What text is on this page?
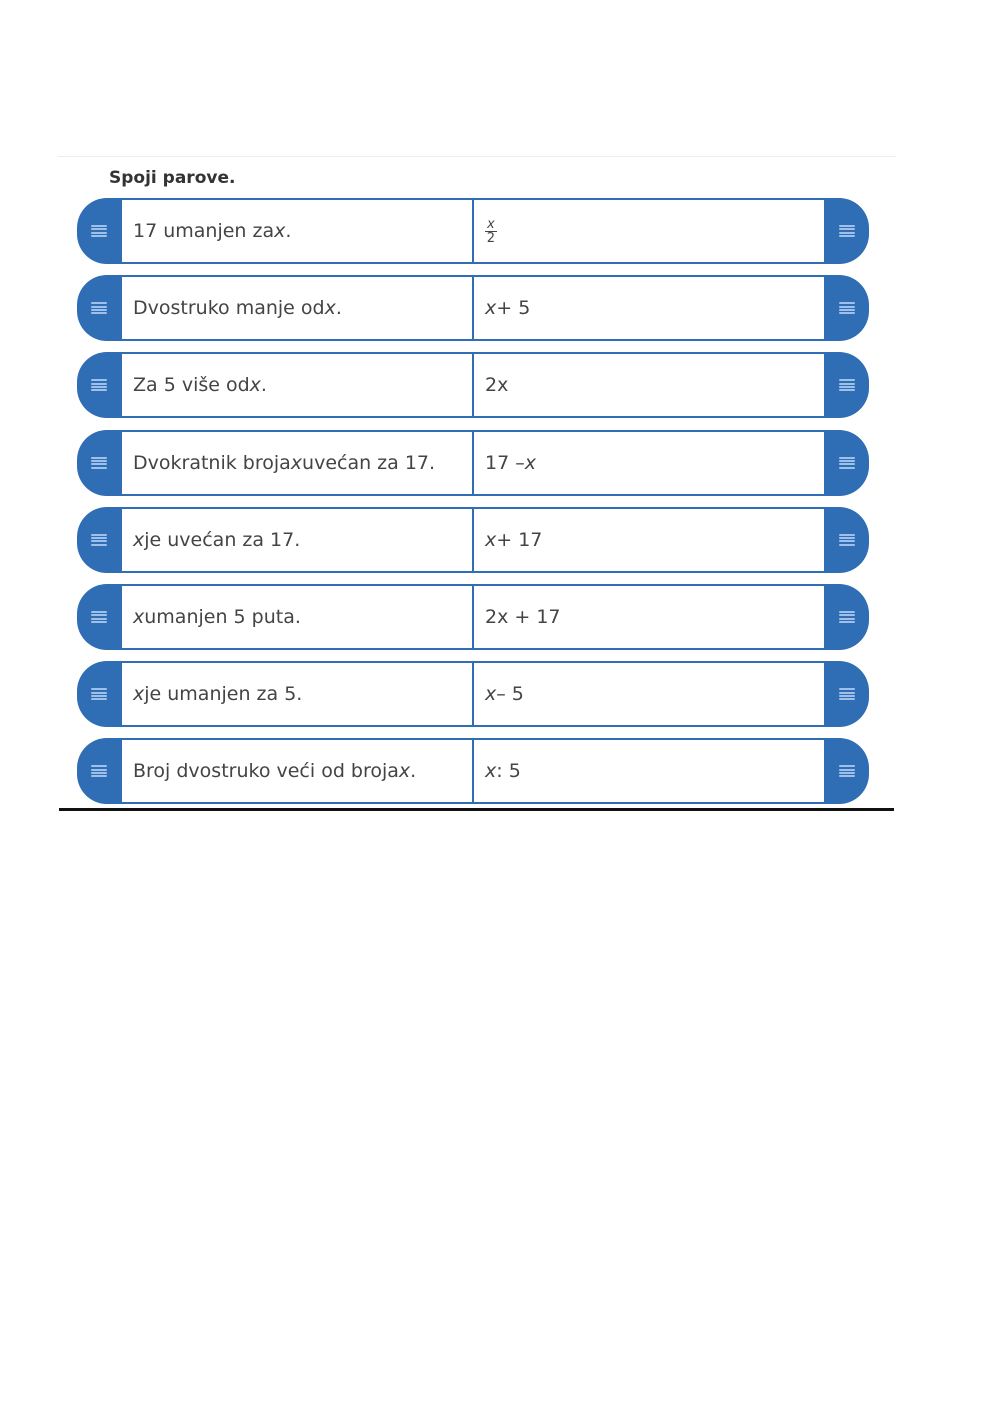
Spoji parove.
17 umanjen za x .	$\frac{x}{2}$
Dvostruko manje od x .	x + 5
Za 5 više od x .	2x
Dvokratnik broja x uvećan za 17.	17 – x
x je uvećan za 17.	x + 17
x umanjen 5 puta.	2x + 17
x je umanjen za 5.	x – 5
Broj dvostruko veći od broja x .	x : 5
